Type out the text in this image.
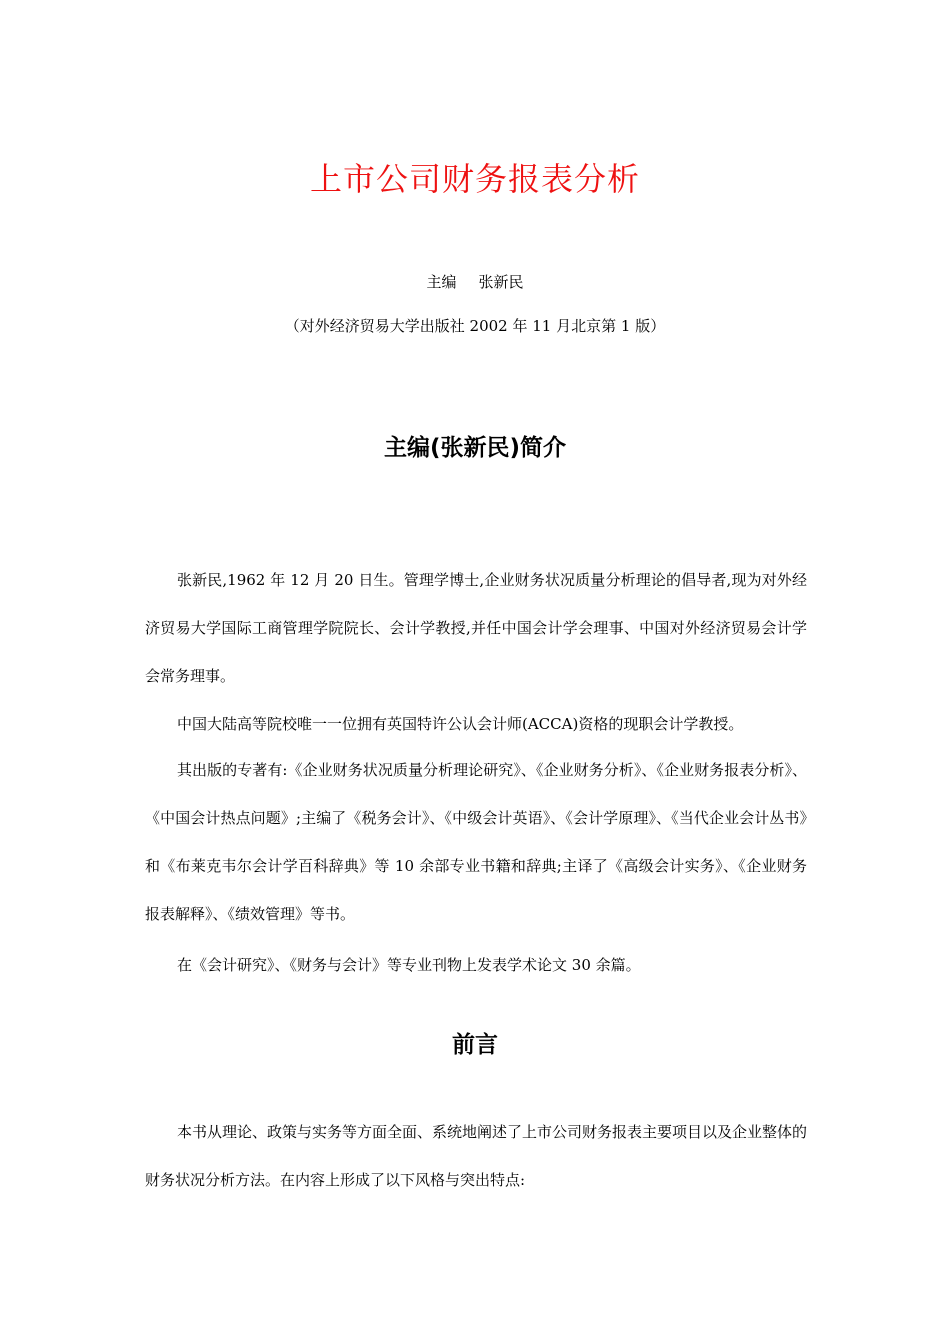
上市公司财务报表分析
主编 张新民
（对外经济贸易大学出版社 2002 年 11 月北京第 1 版）
主编(张新民)简介

张新民,1962 年 12 月 20 日生。管理学博士,企业财务状况质量分析理论的倡导者,现为对外经济贸易大学国际工商管理学院院长、会计学教授,并任中国会计学会理事、中国对外经济贸易会计学会常务理事。

中国大陆高等院校唯一一位拥有英国特许公认会计师(ACCA)资格的现职会计学教授。

其出版的专著有:《企业财务状况质量分析理论研究》、《企业财务分析》、《企业财务报表分析》、《中国会计热点问题》;主编了《税务会计》、《中级会计英语》、《会计学原理》、《当代企业会计丛书》和《布莱克韦尔会计学百科辞典》等 10 余部专业书籍和辞典;主译了《高级会计实务》、《企业财务报表解释》、《绩效管理》等书。

在《会计研究》、《财务与会计》等专业刊物上发表学术论文 30 余篇。

前言

本书从理论、政策与实务等方面全面、系统地阐述了上市公司财务报表主要项目以及企业整体的财务状况分析方法。在内容上形成了以下风格与突出特点:
